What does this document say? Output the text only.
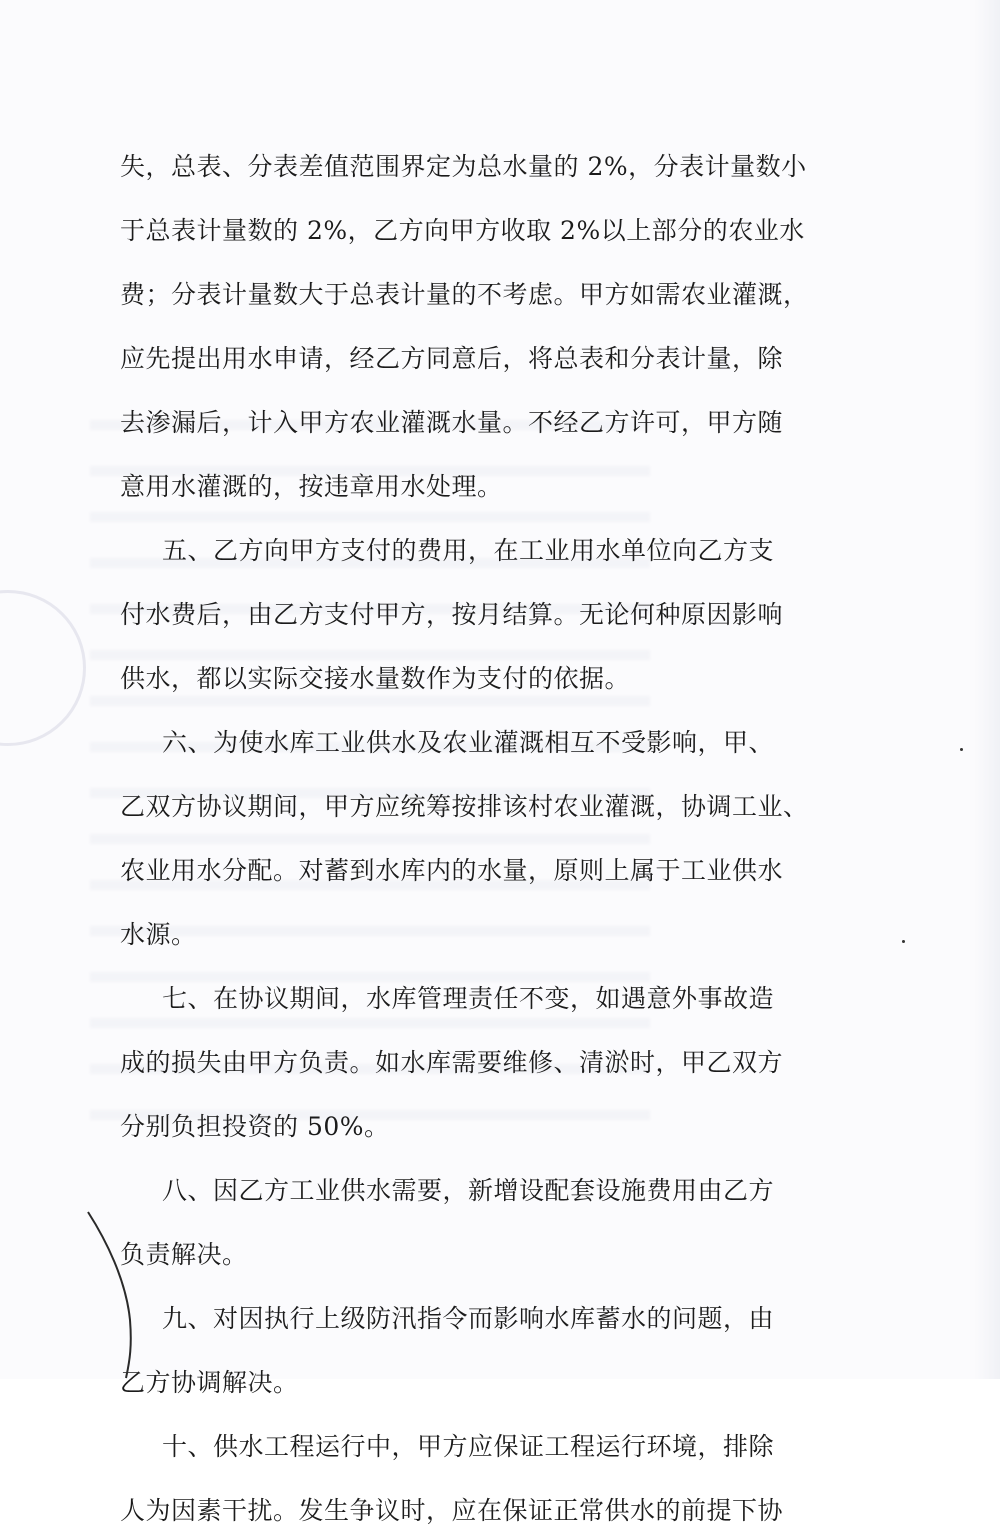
失，总表、分表差值范围界定为总水量的 2%，分表计量数小
于总表计量数的 2%，乙方向甲方收取 2%以上部分的农业水
费；分表计量数大于总表计量的不考虑。甲方如需农业灌溉，
应先提出用水申请，经乙方同意后，将总表和分表计量，除
去渗漏后，计入甲方农业灌溉水量。不经乙方许可，甲方随
意用水灌溉的，按违章用水处理。
五、乙方向甲方支付的费用，在工业用水单位向乙方支
付水费后，由乙方支付甲方，按月结算。无论何种原因影响
供水，都以实际交接水量数作为支付的依据。
六、为使水库工业供水及农业灌溉相互不受影响，甲、
乙双方协议期间，甲方应统筹按排该村农业灌溉，协调工业、
农业用水分配。对蓄到水库内的水量，原则上属于工业供水
水源。
七、在协议期间，水库管理责任不变，如遇意外事故造
成的损失由甲方负责。如水库需要维修、清淤时，甲乙双方
分别负担投资的 50%。
八、因乙方工业供水需要，新增设配套设施费用由乙方
负责解决。
九、对因执行上级防汛指令而影响水库蓄水的问题，由
乙方协调解决。
十、供水工程运行中，甲方应保证工程运行环境，排除
人为因素干扰。发生争议时，应在保证正常供水的前提下协
